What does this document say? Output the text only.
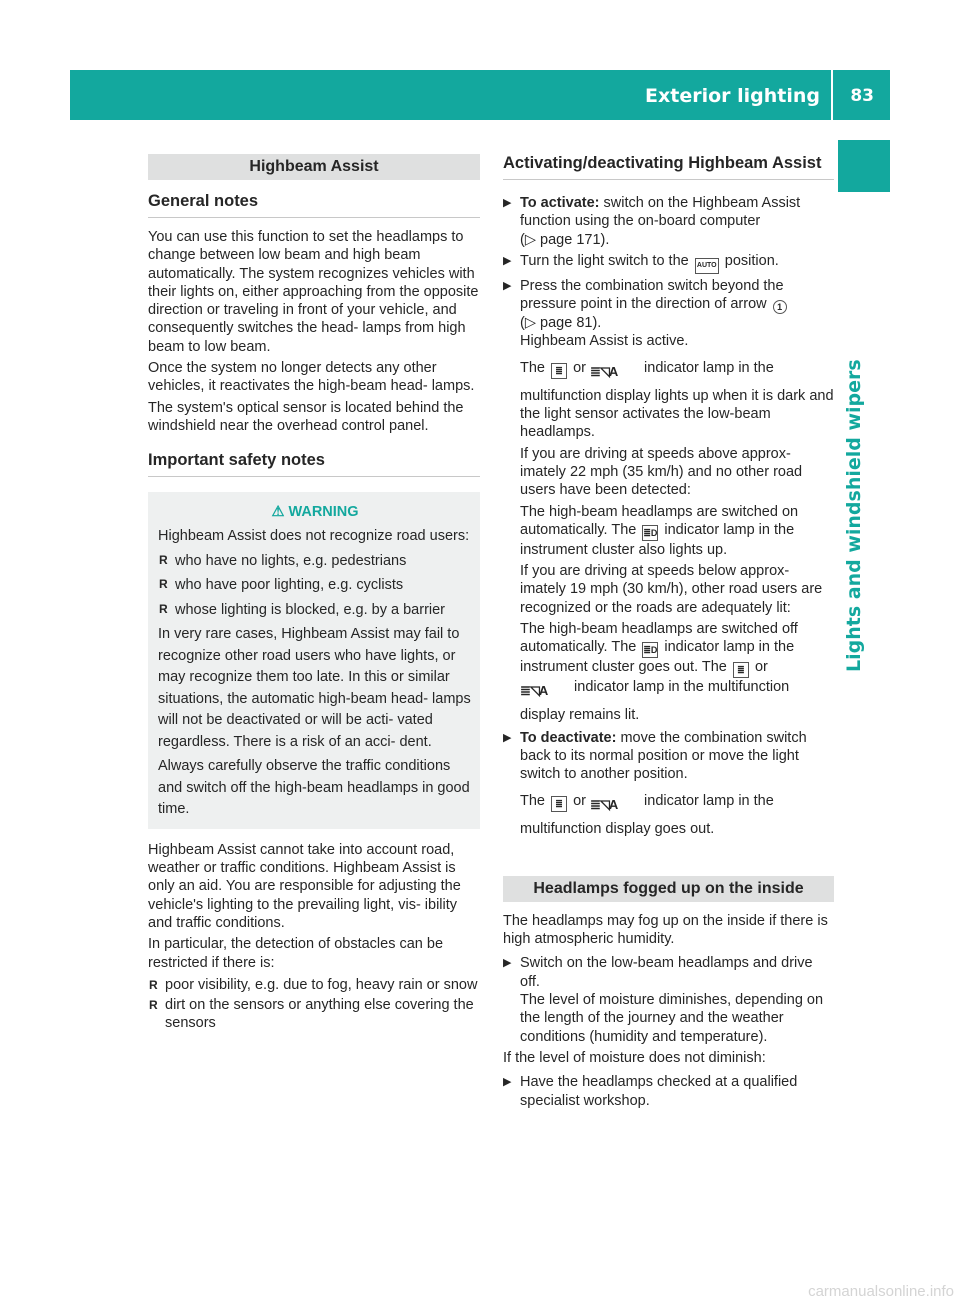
Exterior lighting 83
Lights and windshield wipers
Highbeam Assist
General notes

You can use this function to set the headlamps to change between low beam and high beam automatically. The system recognizes vehicles with their lights on, either approaching from the opposite direction or traveling in front of your vehicle, and consequently switches the head- lamps from high beam to low beam.

Once the system no longer detects any other vehicles, it reactivates the high-beam head- lamps.

The system's optical sensor is located behind the windshield near the overhead control panel.

Important safety notes
⚠ WARNING

Highbeam Assist does not recognize road users:

R who have no lights, e.g. pedestrians
R who have poor lighting, e.g. cyclists
R whose lighting is blocked, e.g. by a barrier

In very rare cases, Highbeam Assist may fail to recognize other road users who have lights, or may recognize them too late. In this or similar situations, the automatic high-beam head- lamps will not be deactivated or will be acti- vated regardless. There is a risk of an acci- dent.

Always carefully observe the traffic conditions and switch off the high-beam headlamps in good time.

Highbeam Assist cannot take into account road, weather or traffic conditions. Highbeam Assist is only an aid. You are responsible for adjusting the vehicle's lighting to the prevailing light, vis- ibility and traffic conditions.

In particular, the detection of obstacles can be restricted if there is:

R poor visibility, e.g. due to fog, heavy rain or snow
R dirt on the sensors or anything else covering the sensors
Activating/deactivating Highbeam Assist
▶ To activate: switch on the Highbeam Assist function using the on-board computer
(▷ page 171).
▶ Turn the light switch to the AUTO position.
▶ Press the combination switch beyond the pressure point in the direction of arrow 1
(▷ page 81).
Highbeam Assist is active.
The ≣ or ≣◹A indicator lamp in the multifunction display lights up when it is dark and the light sensor activates the low-beam headlamps.
If you are driving at speeds above approx- imately 22 mph (35 km/h) and no other road users have been detected:
The high-beam headlamps are switched on automatically. The ≣D indicator lamp in the instrument cluster also lights up.
If you are driving at speeds below approx- imately 19 mph (30 km/h), other road users are recognized or the roads are adequately lit:
The high-beam headlamps are switched off automatically. The ≣D indicator lamp in the instrument cluster goes out. The ≣ or
≣◹A indicator lamp in the multifunction display remains lit.
▶ To deactivate: move the combination switch back to its normal position or move the light switch to another position.
The ≣ or ≣◹A indicator lamp in the multifunction display goes out.
Headlamps fogged up on the inside

The headlamps may fog up on the inside if there is high atmospheric humidity.

▶ Switch on the low-beam headlamps and drive off.
The level of moisture diminishes, depending on the length of the journey and the weather conditions (humidity and temperature).

If the level of moisture does not diminish:

▶ Have the headlamps checked at a qualified specialist workshop.
carmanualsonline.info
